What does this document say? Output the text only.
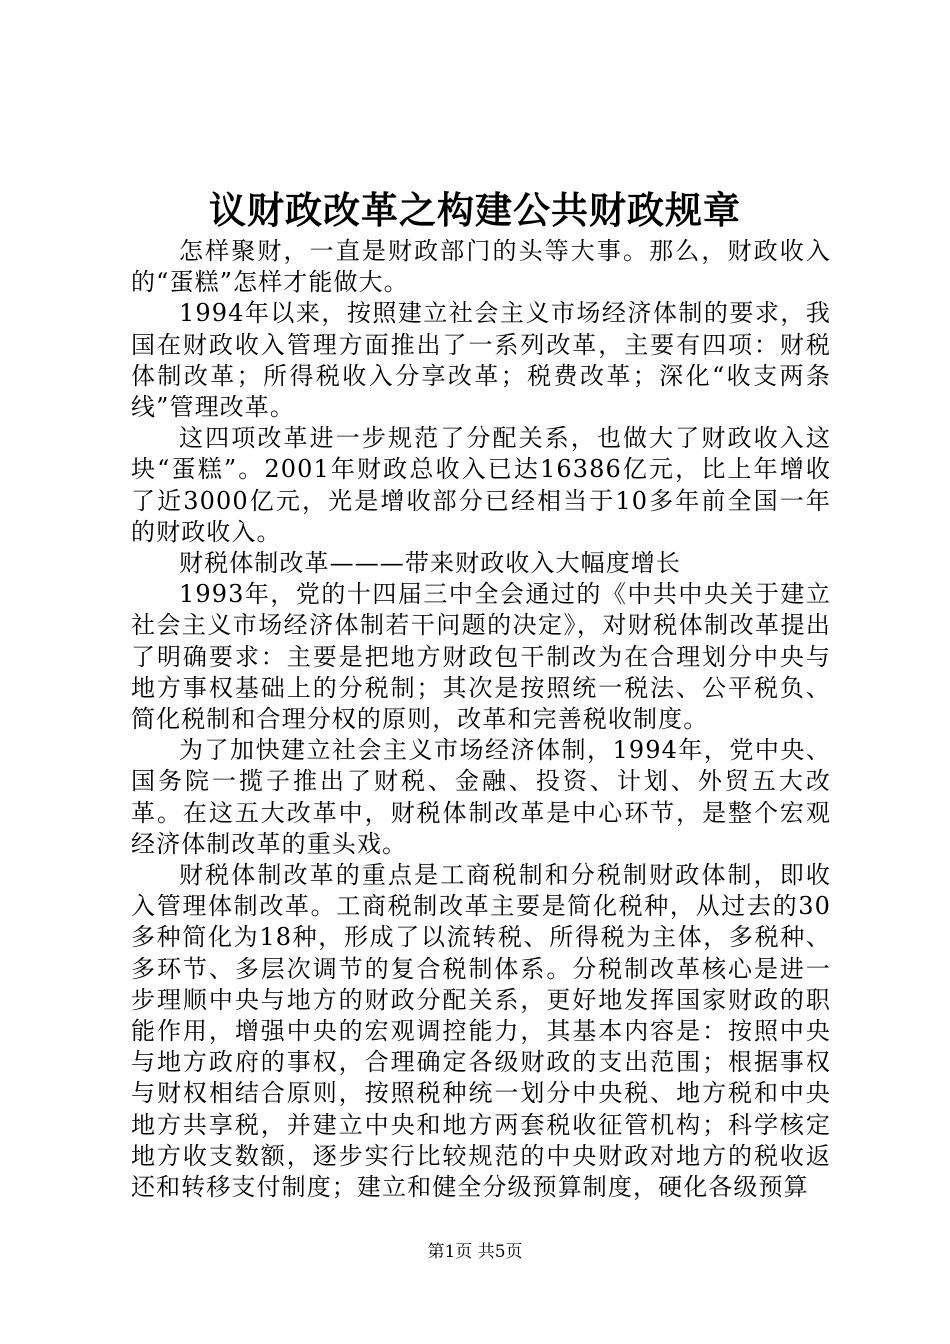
议财政改革之构建公共财政规章

怎样聚财，一直是财政部门的头等大事。那么，财政收入的“蛋糕”怎样才能做大。

1994年以来，按照建立社会主义市场经济体制的要求，我国在财政收入管理方面推出了一系列改革，主要有四项：财税体制改革；所得税收入分享改革；税费改革；深化“收支两条线”管理改革。

这四项改革进一步规范了分配关系，也做大了财政收入这块“蛋糕”。2001年财政总收入已达16386亿元，比上年增收了近3000亿元，光是增收部分已经相当于10多年前全国一年的财政收入。

财税体制改革———带来财政收入大幅度增长

1993年，党的十四届三中全会通过的《中共中央关于建立社会主义市场经济体制若干问题的决定》，对财税体制改革提出了明确要求：主要是把地方财政包干制改为在合理划分中央与地方事权基础上的分税制；其次是按照统一税法、公平税负、简化税制和合理分权的原则，改革和完善税收制度。

为了加快建立社会主义市场经济体制，1994年，党中央、国务院一揽子推出了财税、金融、投资、计划、外贸五大改革。在这五大改革中，财税体制改革是中心环节，是整个宏观经济体制改革的重头戏。

财税体制改革的重点是工商税制和分税制财政体制，即收入管理体制改革。工商税制改革主要是简化税种，从过去的30多种简化为18种，形成了以流转税、所得税为主体，多税种、多环节、多层次调节的复合税制体系。分税制改革核心是进一步理顺中央与地方的财政分配关系，更好地发挥国家财政的职能作用，增强中央的宏观调控能力，其基本内容是：按照中央与地方政府的事权，合理确定各级财政的支出范围；根据事权与财权相结合原则，按照税种统一划分中央税、地方税和中央地方共享税，并建立中央和地方两套税收征管机构；科学核定地方收支数额，逐步实行比较规范的中央财政对地方的税收返还和转移支付制度；建立和健全分级预算制度，硬化各级预算

第1页 共5页
